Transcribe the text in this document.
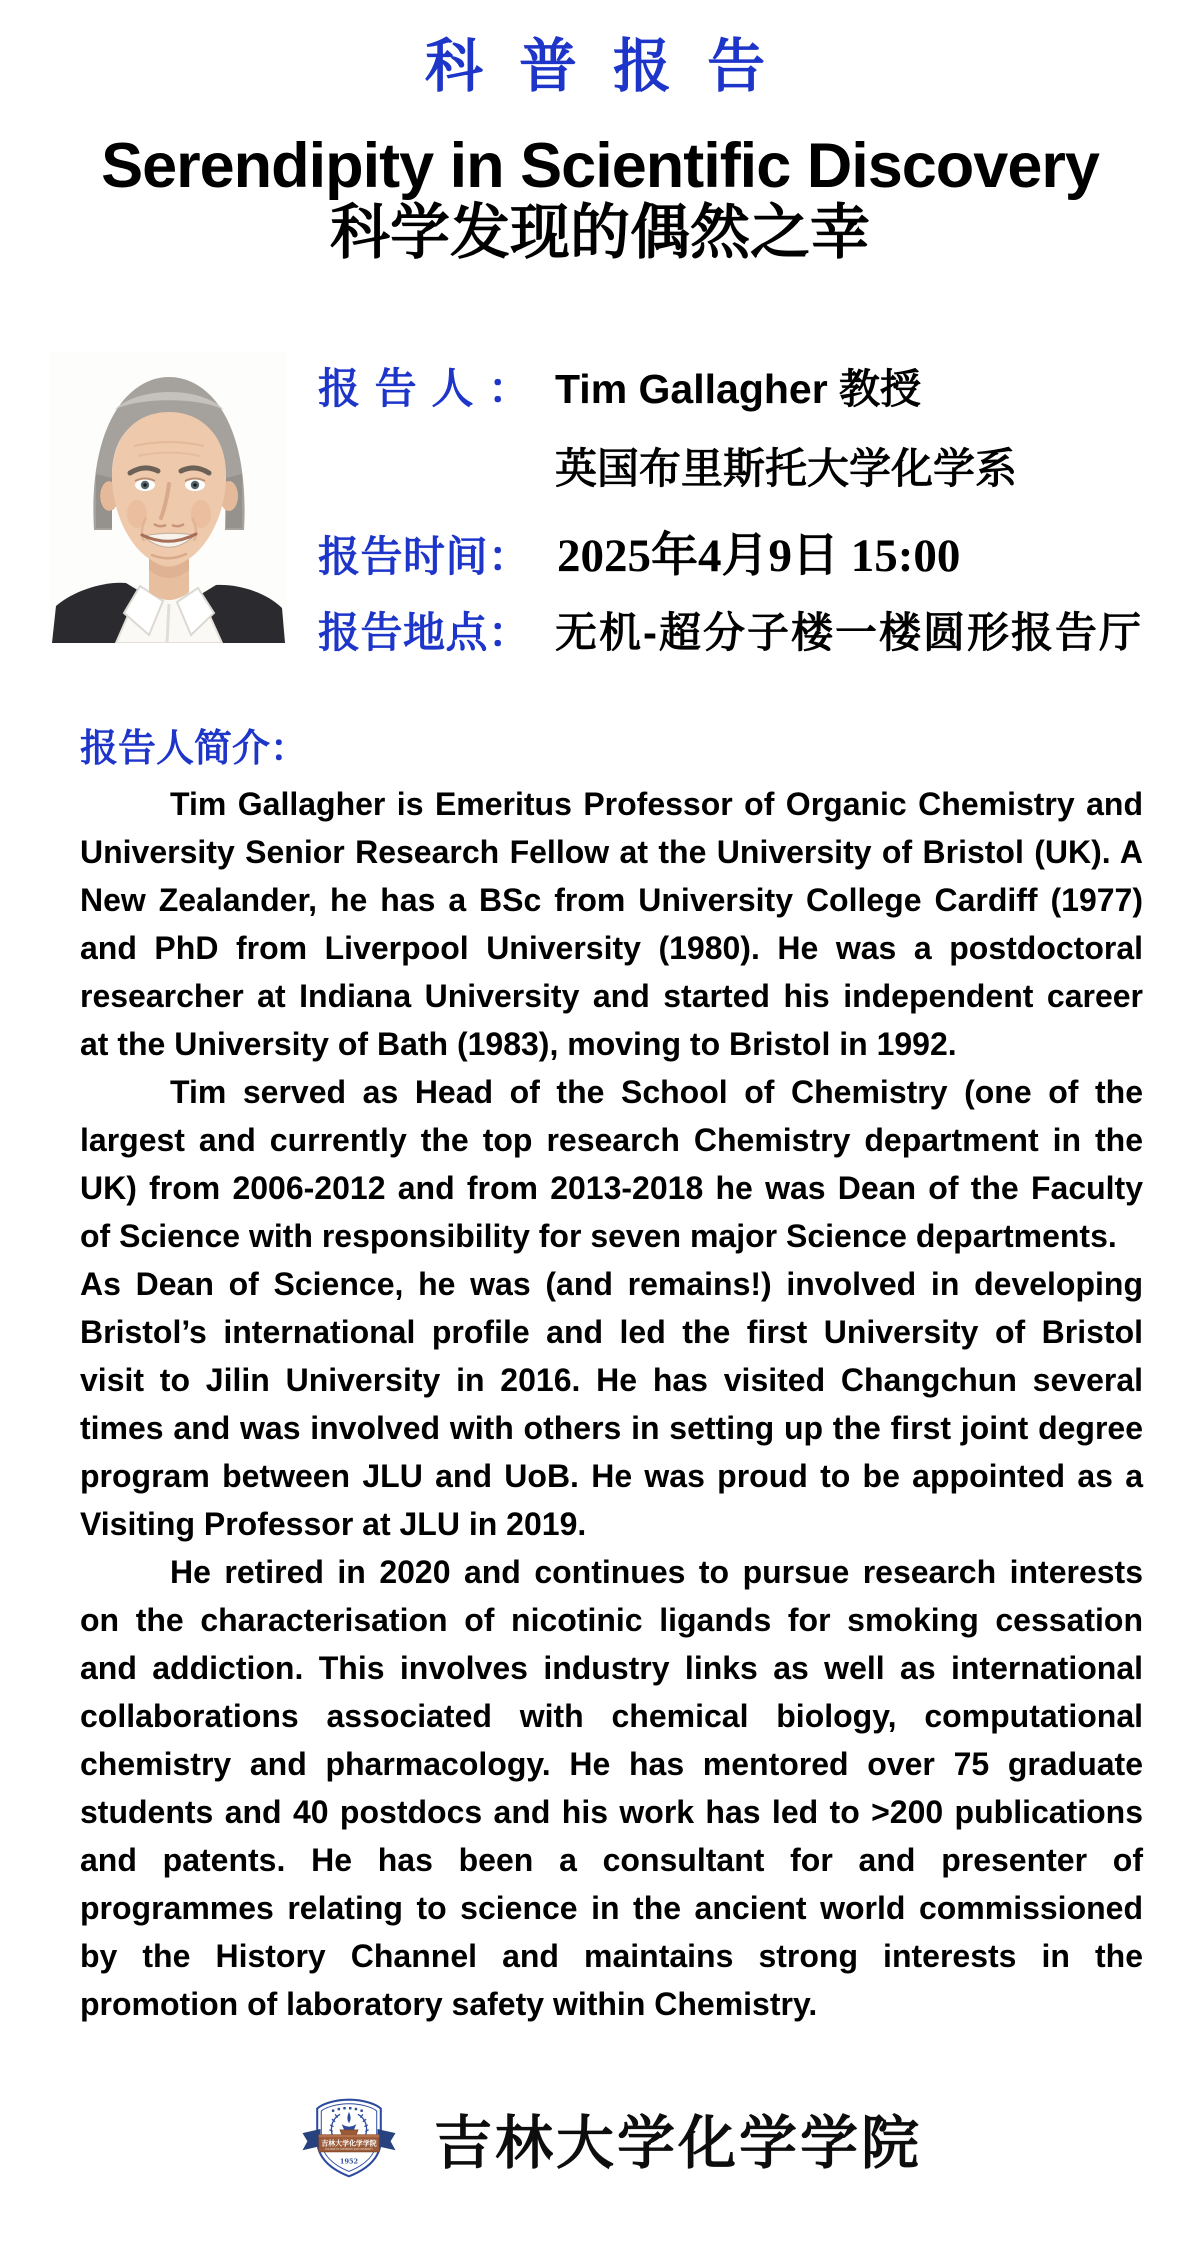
科 普 报 告
Serendipity in Scientific Discovery
科学发现的偶然之幸
报告人： Tim Gallagher 教授
英国布里斯托大学化学系
报告时间： 2025年4月9日 15:00
报告地点： 无机-超分子楼一楼圆形报告厅
报告人简介：

Tim Gallagher is Emeritus Professor of Organic Chemistry and University Senior Research Fellow at the University of Bristol (UK). A New Zealander, he has a BSc from University College Cardiff (1977) and PhD from Liverpool University (1980). He was a postdoctoral researcher at Indiana University and started his independent career at the University of Bath (1983), moving to Bristol in 1992.

Tim served as Head of the School of Chemistry (one of the largest and currently the top research Chemistry department in the UK) from 2006-2012 and from 2013-2018 he was Dean of the Faculty of Science with responsibility for seven major Science departments.

As Dean of Science, he was (and remains!) involved in developing Bristol’s international profile and led the first University of Bristol visit to Jilin University in 2016. He has visited Changchun several times and was involved with others in setting up the first joint degree program between JLU and UoB. He was proud to be appointed as a Visiting Professor at JLU in 2019.

He retired in 2020 and continues to pursue research interests on the characterisation of nicotinic ligands for smoking cessation and addiction. This involves industry links as well as international collaborations associated with chemical biology, computational chemistry and pharmacology. He has mentored over 75 graduate students and 40 postdocs and his work has led to >200 publications and patents. He has been a consultant for and presenter of programmes relating to science in the ancient world commissioned by the History Channel and maintains strong interests in the promotion of laboratory safety within Chemistry.

吉林大学化学学院
COLLEGE OF CHEMISTRY JILIN UNIVERSITY
1952 吉林大学化学学院
